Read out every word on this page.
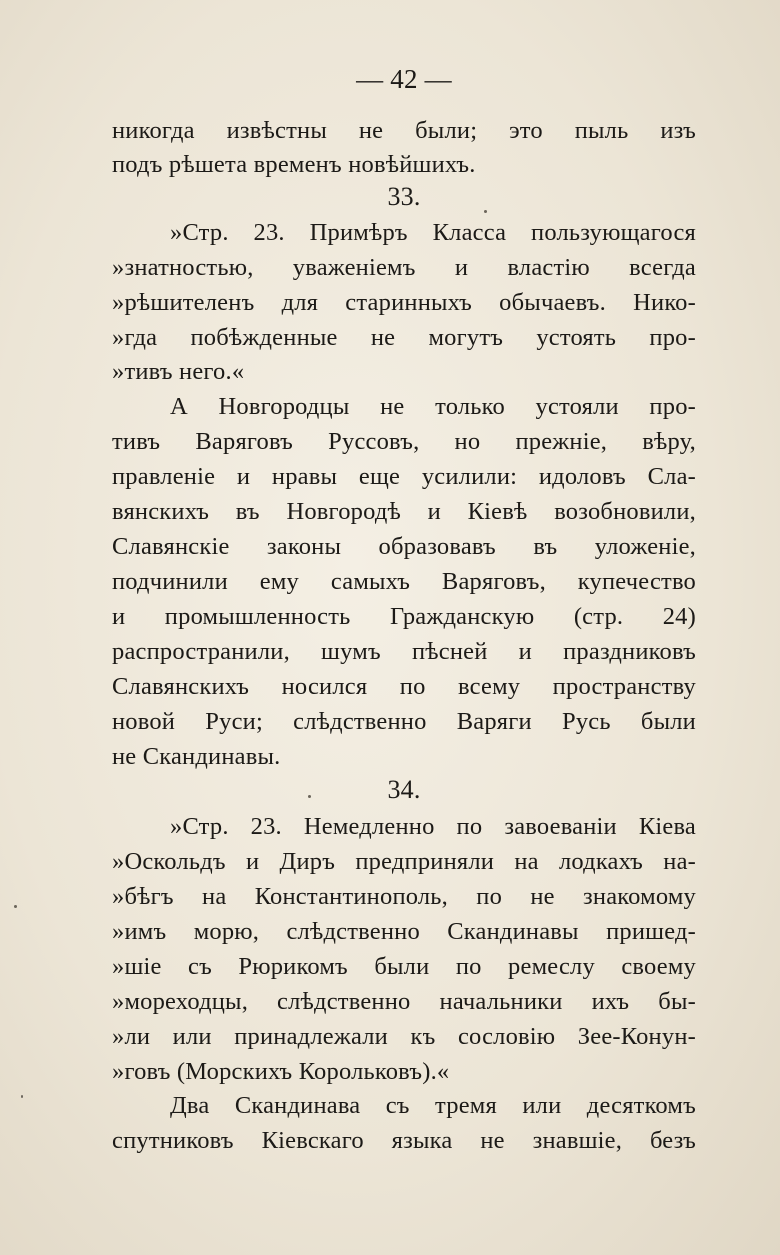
— 42 —
никогда извѣстны не были; это пыль изъ
подъ рѣшета временъ новѣйшихъ.
33.
»Стр. 23. Примѣръ Класса пользующагося
»знатностью, уваженіемъ и властію всегда
»рѣшителенъ для старинныхъ обычаевъ. Нико-
»гда побѣжденные не могутъ устоять про-
»тивъ него.«
А Новгородцы не только устояли про-
тивъ Варяговъ Руссовъ, но прежніе, вѣру,
правленіе и нравы еще усилили: идоловъ Сла-
вянскихъ въ Новгородѣ и Кіевѣ возобновили,
Славянскіе законы образовавъ въ уложеніе,
подчинили ему самыхъ Варяговъ, купечество
и промышленность Гражданскую (стр. 24)
распространили, шумъ пѣсней и праздниковъ
Славянскихъ носился по всему пространству
новой Руси; слѣдственно Варяги Русь были
не Скандинавы.
34.
»Стр. 23. Немедленно по завоеваніи Кіева
»Оскольдъ и Диръ предприняли на лодкахъ на-
»бѣгъ на Константинополь, по не знакомому
»имъ морю, слѣдственно Скандинавы пришед-
»шіе съ Рюрикомъ были по ремеслу своему
»мореходцы, слѣдственно начальники ихъ бы-
»ли или принадлежали къ сословію Зее-Конун-
»говъ (Морскихъ Корольковъ).«
Два Скандинава съ тремя или десяткомъ
спутниковъ Кіевскаго языка не знавшіе, безъ
